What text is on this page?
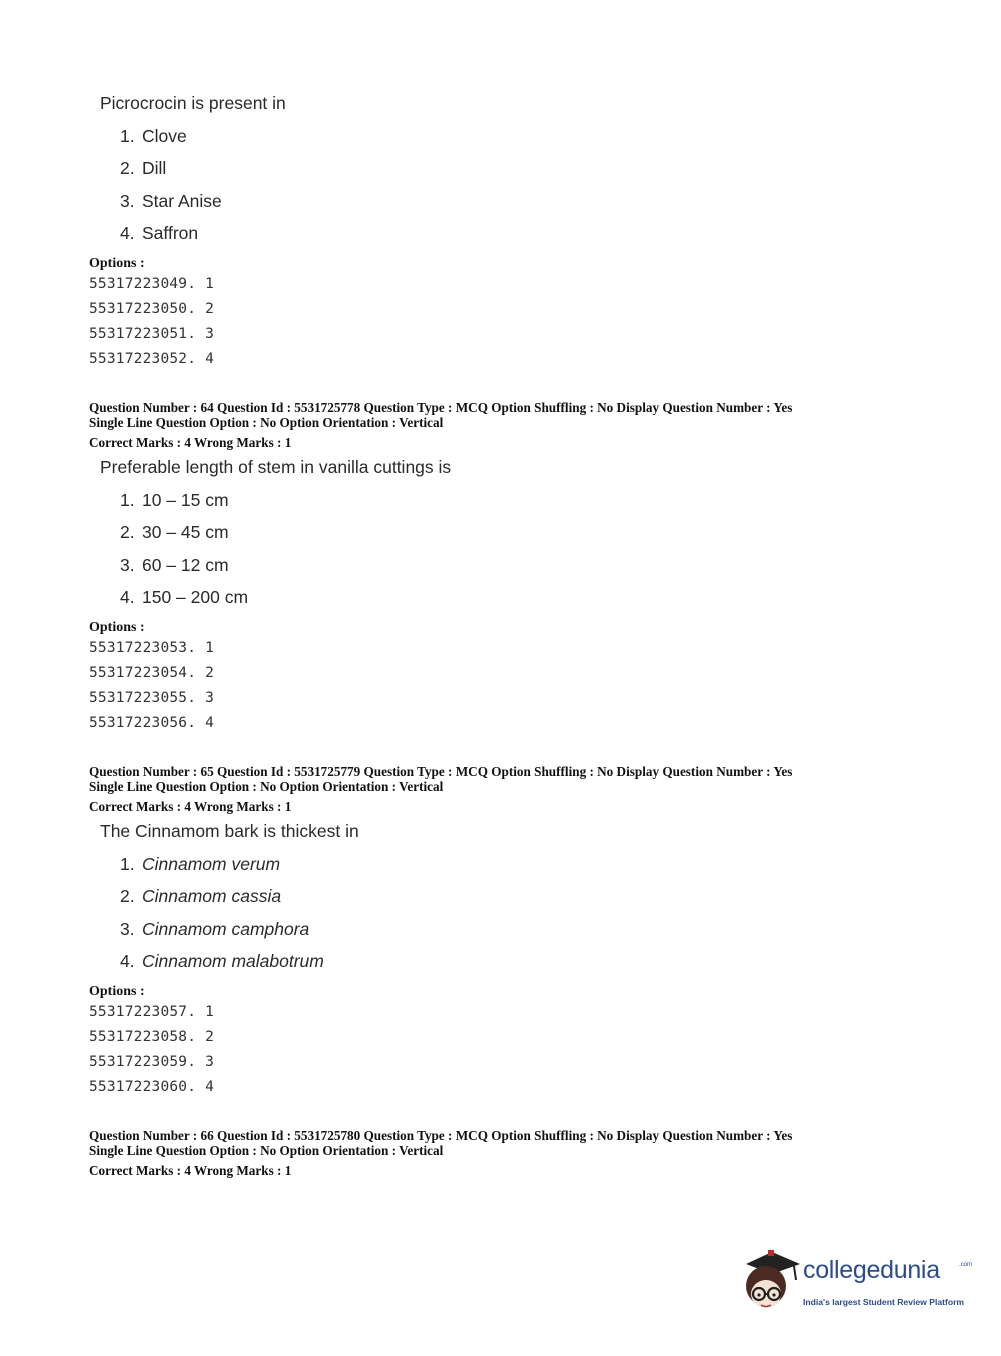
Picrocrocin is present in
1. Clove
2. Dill
3. Star Anise
4. Saffron
Options :
55317223049. 1
55317223050. 2
55317223051. 3
55317223052. 4
Question Number : 64 Question Id : 5531725778 Question Type : MCQ Option Shuffling : No Display Question Number : Yes
Single Line Question Option : No Option Orientation : Vertical
Correct Marks : 4 Wrong Marks : 1
Preferable length of stem in vanilla cuttings is
1. 10 – 15 cm
2. 30 – 45 cm
3. 60 – 12 cm
4. 150 – 200 cm
Options :
55317223053. 1
55317223054. 2
55317223055. 3
55317223056. 4
Question Number : 65 Question Id : 5531725779 Question Type : MCQ Option Shuffling : No Display Question Number : Yes
Single Line Question Option : No Option Orientation : Vertical
Correct Marks : 4 Wrong Marks : 1
The Cinnamom bark is thickest in
1. Cinnamom verum
2. Cinnamom cassia
3. Cinnamom camphora
4. Cinnamom malabotrum
Options :
55317223057. 1
55317223058. 2
55317223059. 3
55317223060. 4
Question Number : 66 Question Id : 5531725780 Question Type : MCQ Option Shuffling : No Display Question Number : Yes
Single Line Question Option : No Option Orientation : Vertical
Correct Marks : 4 Wrong Marks : 1
collegedunia	.com
India's largest Student Review Platform
